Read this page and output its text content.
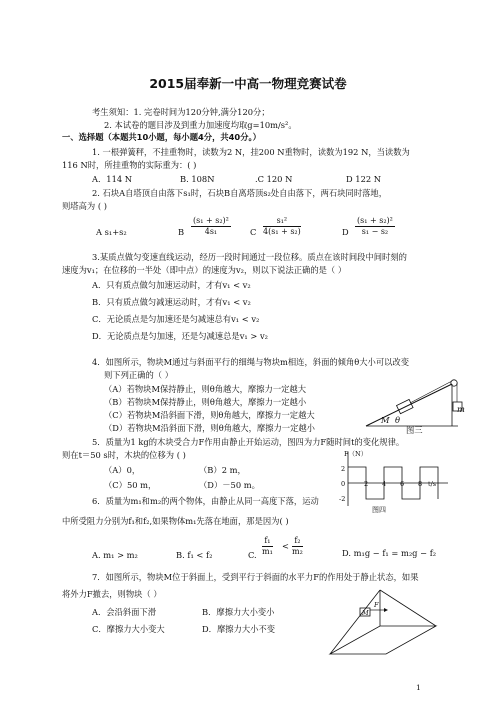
2015届奉新一中高一物理竞赛试卷
考生须知：1. 完卷时间为120分钟,满分120分；
2. 本试卷的题目涉及到重力加速度均取g=10m/s²。
一、选择题（本题共10小题，每小题4分，共40分。）
1. 一根弹簧秤，不挂重物时，读数为2 N，挂200 N重物时，读数为192 N，当读数为
116 N时，所挂重物的实际重为：( )
A．114 N	B. 108N	.C 120 N	D 122 N
2. 石块A自塔顶自由落下s₁时，石块B自离塔顶s₂处自由落下，两石块同时落地，
则塔高为 ( )
A s₁+s₂	B $\frac{\text{(s₁ + s₂)²}}{\text{4s₁}}$ C $\frac{\text{s₁²}}{\text{4(s₁ + s₂)}}$	D $\frac{\text{(s₁ + s₂)²}}{\text{s₁ − s₂}}$
3.某质点做匀变速直线运动，经历一段时间通过一段位移。质点在该时间段中间时刻的
速度为v₁；在位移的一半处（即中点）的速度为v₂，则以下说法正确的是（ ）
A．只有质点做匀加速运动时，才有v₁ < v₂
B．只有质点做匀减速运动时，才有v₁ < v₂
C．无论质点是匀加速还是匀减速总有v₁ < v₂
D．无论质点是匀加速，还是匀减速总是v₁ > v₂
4．如图所示，物块M通过与斜面平行的细绳与物块m相连，斜面的倾角θ大小可以改变
则下列正确的（ ）
（A）若物块M保持静止，则θ角越大，摩擦力一定越大
（B）若物块M保持静止，则θ角越大，摩擦力一定越小
（C）若物块M沿斜面下滑，则θ角越大，摩擦力一定越大
（D）若物块M沿斜面下滑，则θ角越大，摩擦力一定越小
M
m
θ
图三
5．质量为1 kg的木块受合力F作用由静止开始运动，图四为力F随时间t的变化规律。
则在t＝50 s时，木块的位移为 ( )
（A）0，	（B）2 m，
（C）50 m，	（D）－50 m。
F（N）
2
0
-2
2 4 6 8 t/s
图四
6．质量为m₁和m₂的两个物体，由静止从同一高度下落，运动
中所受阻力分别为f₁和f₂,如果物体m₁先落在地面，那是因为( )
A. m₁ > m₂	B. f₁ < f₂	C. $\frac{\text{f₁}}{\text{m₁}} < \frac{\text{f₂}}{\text{m₂}}$	D. m₁g − f₁ = m₂g − f₂
7．如图所示，物块M位于斜面上，受到平行于斜面的水平力F的作用处于静止状态，如果
将外力F撤去，则物块（ ）
A．会沿斜面下滑	B．摩擦力大小变小
C．摩擦力大小变大	D．摩擦力大小不变
M
F
1
